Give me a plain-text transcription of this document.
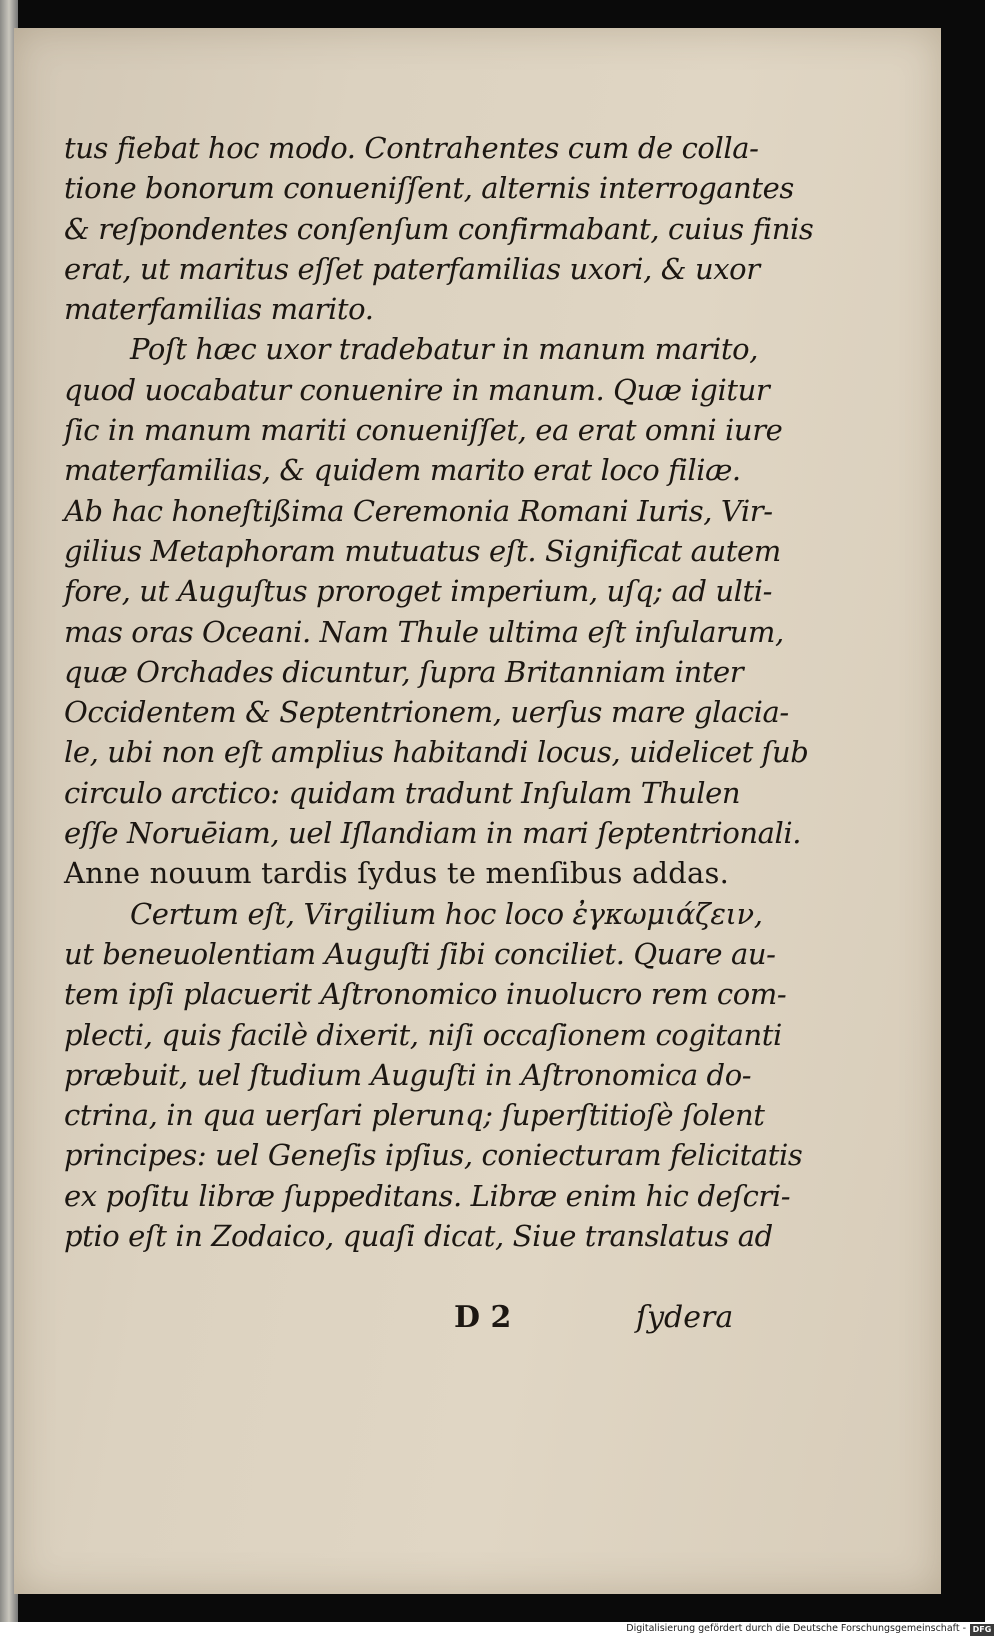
tus fiebat hoc modo. Contrahentes cum de colla-
tione bonorum conueniſſent, alternis interrogantes
& reſpondentes conſenſum confirmabant, cuius finis
erat, ut maritus eſſet paterfamilias uxori, & uxor
materfamilias marito.
Poſt hæc uxor tradebatur in manum marito,
quod uocabatur conuenire in manum. Quæ igitur
ſic in manum mariti conueniſſet, ea erat omni iure
materfamilias, & quidem marito erat loco filiæ.
Ab hac honeſtißima Ceremonia Romani Iuris, Vir-
gilius Metaphoram mutuatus eſt. Significat autem
fore, ut Auguſtus proroget imperium, uſq; ad ulti-
mas oras Oceani. Nam Thule ultima eſt inſularum,
quæ Orchades dicuntur, ſupra Britanniam inter
Occidentem & Septentrionem, uerſus mare glacia-
le, ubi non eſt amplius habitandi locus, uidelicet ſub
circulo arctico: quidam tradunt Inſulam Thulen
eſſe Noruēiam, uel Iſlandiam in mari ſeptentrionali.
Anne nouum tardis ſydus te menſibus addas.
Certum eſt, Virgilium hoc loco ἐγκωμιάζειν,
ut beneuolentiam Auguſti ſibi conciliet. Quare au-
tem ipſi placuerit Aſtronomico inuolucro rem com-
plecti, quis facilè dixerit, niſi occaſionem cogitanti
præbuit, uel ſtudium Auguſti in Aſtronomica do-
ctrina, in qua uerſari plerunq; ſuperſtitioſè ſolent
principes: uel Geneſis ipſius, coniecturam felicitatis
ex poſitu libræ ſuppeditans. Libræ enim hic deſcri-
ptio eſt in Zodaico, quaſi dicat, Siue translatus ad
D 2	ſydera
Digitalisierung gefördert durch die Deutsche Forschungsgemeinschaft - DFG
